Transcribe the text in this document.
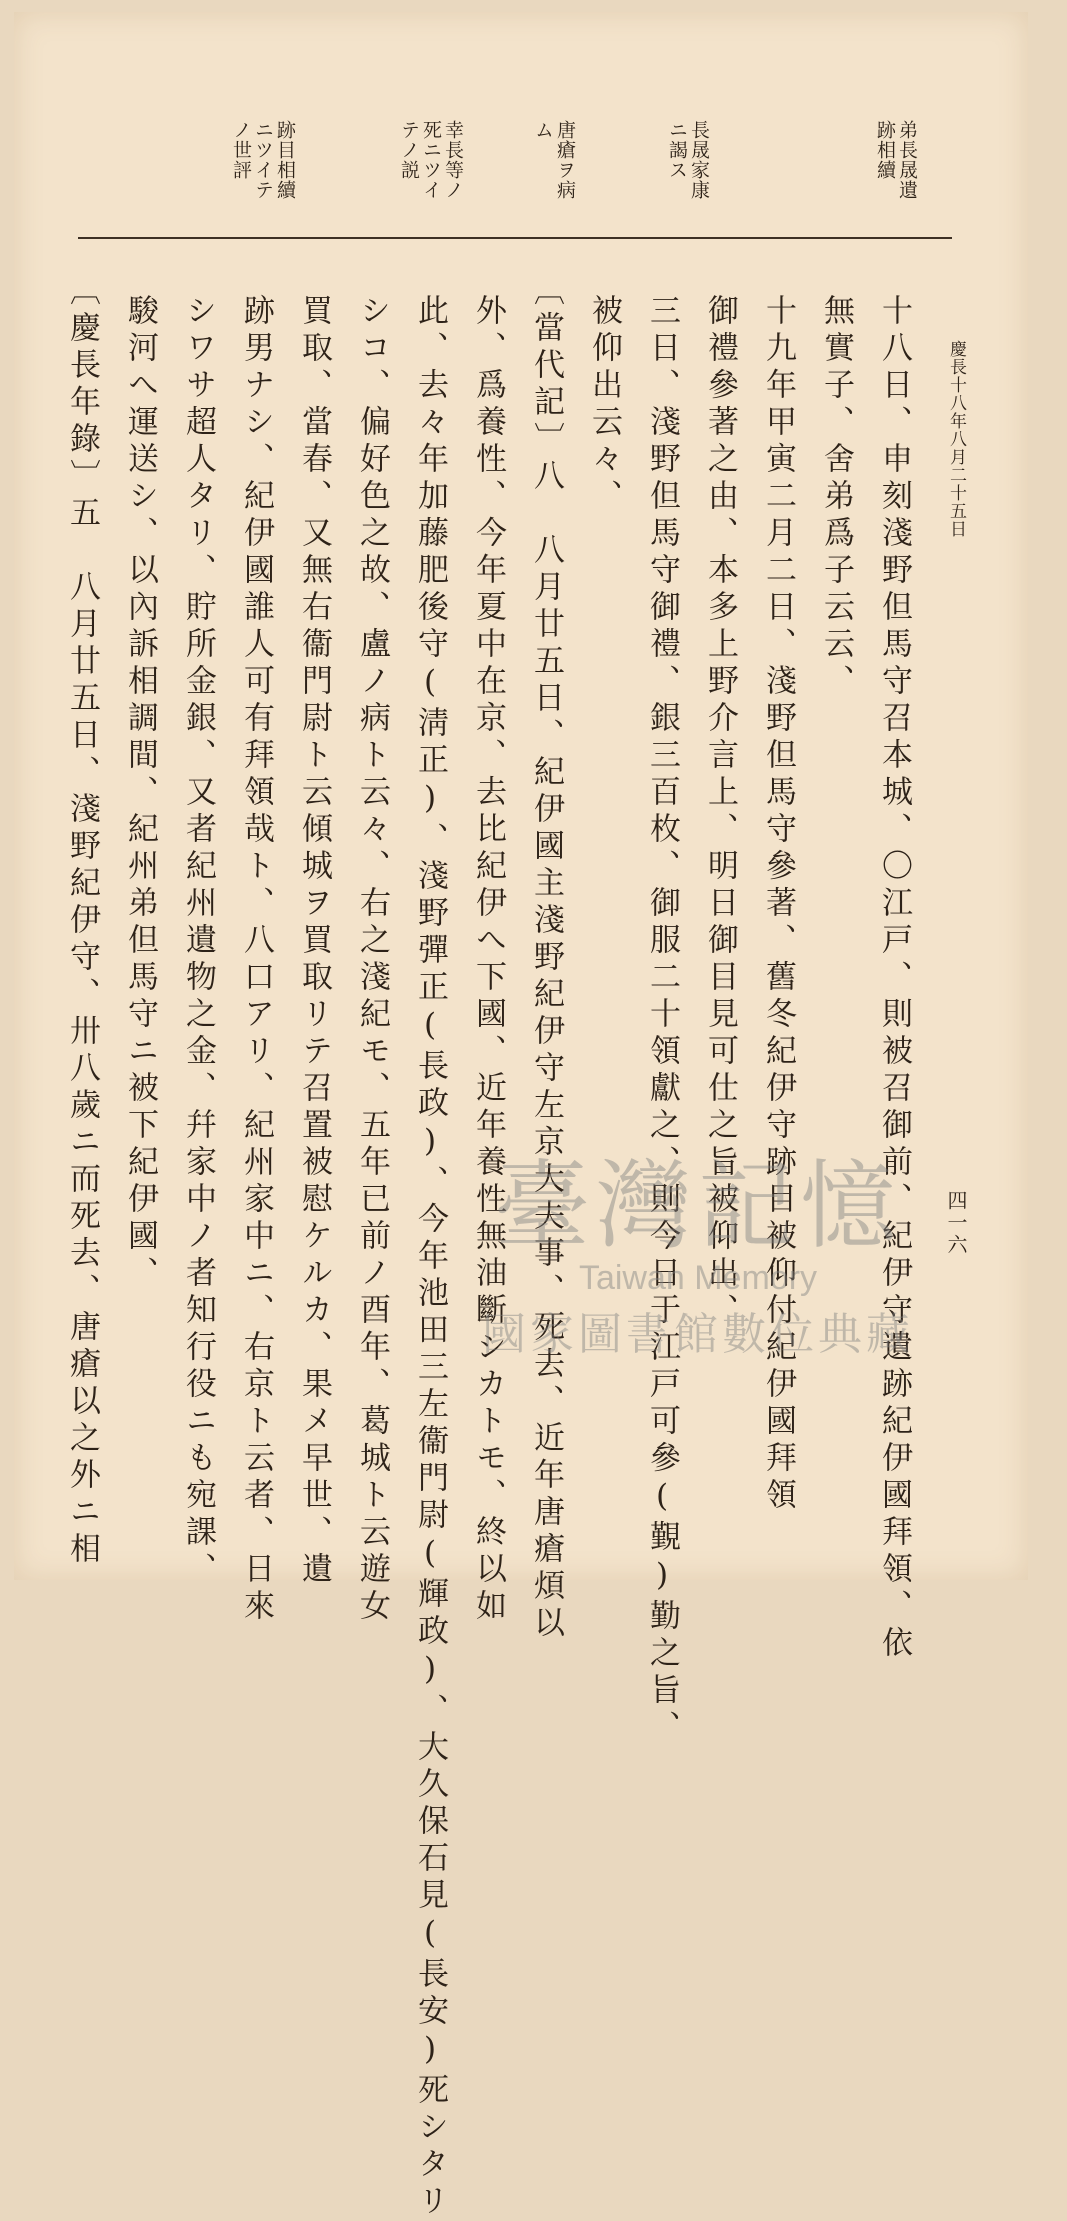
慶長十八年八月二十五日
四一六
弟長晟遺
跡相續
長晟家康
ニ謁ス
唐瘡ヲ病
ム
幸長等ノ
死ニツイ
テノ説
跡目相續
ニツイテ
ノ世評
十八日、申刻淺野但馬守召本城、〇江戸、則被召御前、紀伊守遺跡紀伊國拜領、依
無實子、舍弟爲子云云、
十九年甲寅二月二日、淺野但馬守參著、舊冬紀伊守跡目被仰付紀伊國拜領
御禮參著之由、本多上野介言上、明日御目見可仕之旨被仰出、
三日、淺野但馬守御禮、銀三百枚、御服二十領獻之、則今日于江戸可參(覲)勤之旨、
被仰出云々、
〔當代記〕八　八月廿五日、紀伊國主淺野紀伊守左京大夫事、死去、近年唐瘡煩以
外、爲養性、今年夏中在京、去比紀伊へ下國、近年養性無油斷シカトモ、終以如
此、去々年加藤肥後守(淸正)、淺野彈正(長政)、今年池田三左衞門尉(輝政)、大久保石見(長安)死シタリ
シコ、偏好色之故、盧ノ病ト云々、右之淺紀モ、五年已前ノ酉年、葛城ト云遊女
買取、當春、又無右衞門尉ト云傾城ヲ買取リテ召置被慰ケルカ、果メ早世、遺
跡男ナシ、紀伊國誰人可有拜領哉ト、八口アリ、紀州家中ニ、右京ト云者、日來
シワサ超人タリ、貯所金銀、又者紀州遺物之金、幷家中ノ者知行役ニも宛課、
駿河へ運送シ、以內訴相調間、紀州弟但馬守ニ被下紀伊國、
〔慶長年錄〕五　八月廿五日、淺野紀伊守、卅八歲ニ而死去、唐瘡以之外ニ相	臺灣記憶
Taiwan Memory
國家圖書館數位典藏
